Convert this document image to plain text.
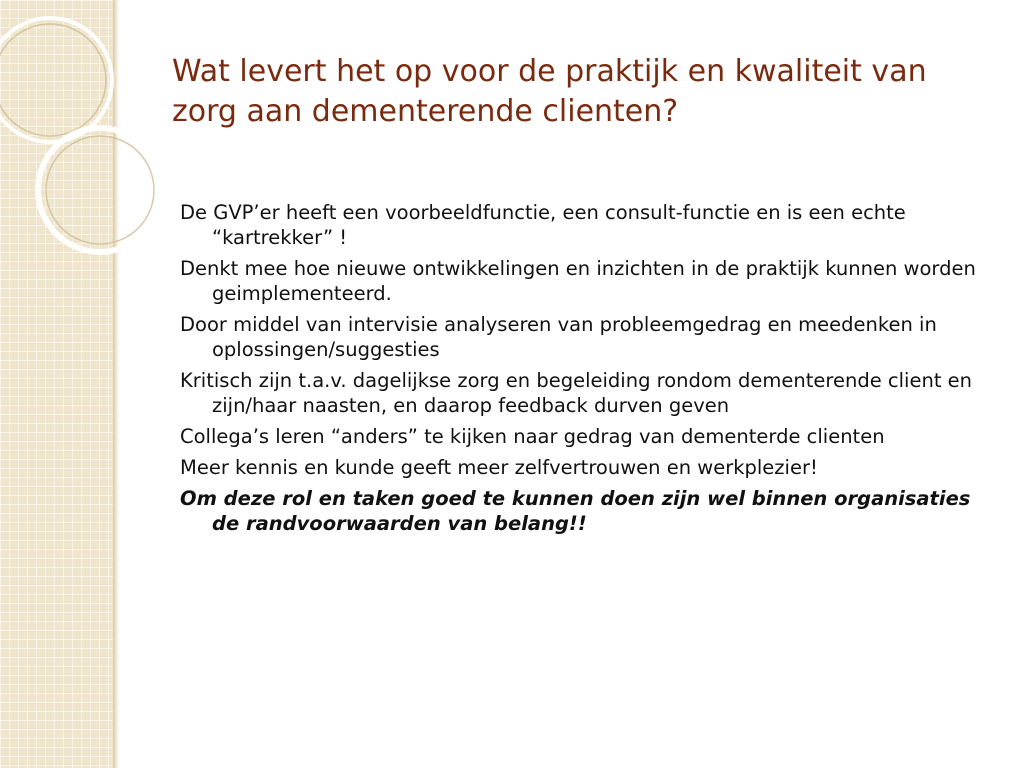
Wat levert het op voor de praktijk en kwaliteit van zorg aan dementerende clienten?
De GVP’er heeft een voorbeeldfunctie, een consult-functie en is een echte “kartrekker” !
Denkt mee hoe nieuwe ontwikkelingen en inzichten in de praktijk kunnen worden geimplementeerd.
Door middel van intervisie analyseren van probleemgedrag en meedenken in oplossingen/suggesties
Kritisch zijn t.a.v. dagelijkse zorg en begeleiding rondom dementerende client en zijn/haar naasten, en daarop feedback durven geven
Collega’s leren “anders” te kijken naar gedrag van dementerde clienten
Meer kennis en kunde geeft meer zelfvertrouwen en werkplezier!
Om deze rol en taken goed te kunnen doen zijn wel binnen organisaties de randvoorwaarden van belang!!
